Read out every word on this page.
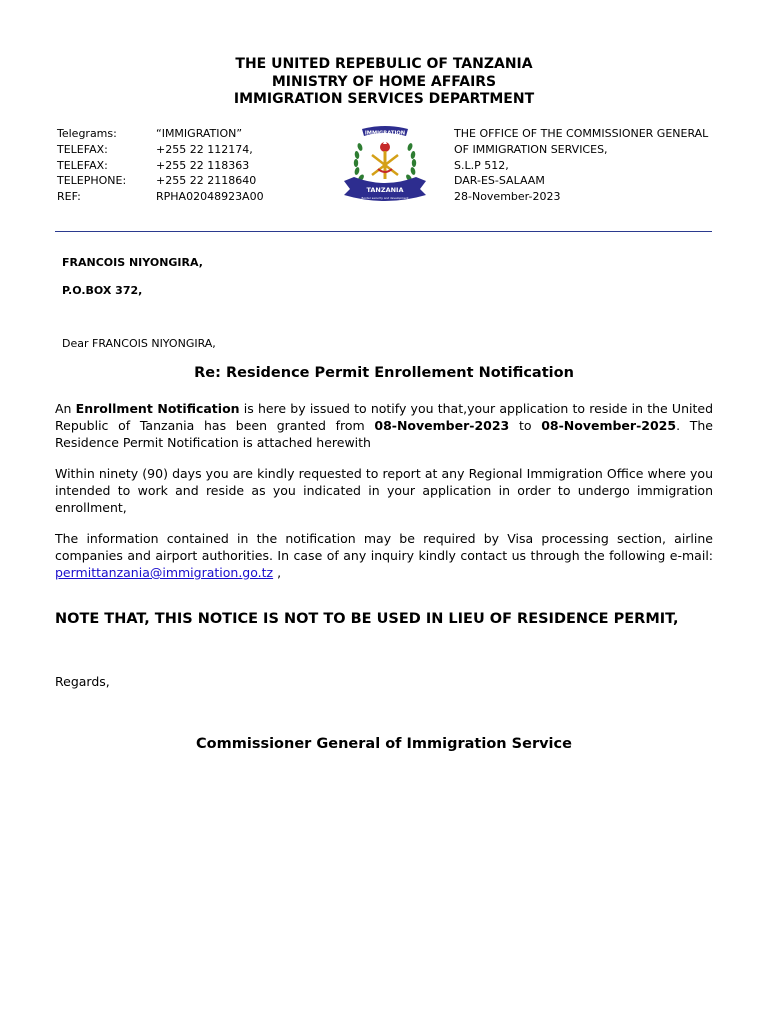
THE UNITED REPEBULIC OF TANZANIA
MINISTRY OF HOME AFFAIRS
IMMIGRATION SERVICES DEPARTMENT
Telegrams:	“IMMIGRATION”
TELEFAX:	+255 22 112174,
TELEFAX:	+255 22 118363
TELEPHONE:	+255 22 2118640
REF:	RPHA02048923A00
IMMIGRATION
TANZANIA
Border security and development
THE OFFICE OF THE COMMISSIONER GENERAL
OF IMMIGRATION SERVICES,
S.L.P 512,
DAR-ES-SALAAM
28-November-2023
FRANCOIS NIYONGIRA,
P.O.BOX 372,
Dear FRANCOIS NIYONGIRA,
Re: Residence Permit Enrollement Notification
An Enrollment Notification is here by issued to notify you that,your application to reside in the United Republic of Tanzania has been granted from 08-November-2023 to 08-November-2025. The Residence Permit Notification is attached herewith
Within ninety (90) days you are kindly requested to report at any Regional Immigration Office where you intended to work and reside as you indicated in your application in order to undergo immigration enrollment,
The information contained in the notification may be required by Visa processing section, airline companies and airport authorities. In case of any inquiry kindly contact us through the following e-mail: permittanzania@immigration.go.tz ,
NOTE THAT, THIS NOTICE IS NOT TO BE USED IN LIEU OF RESIDENCE PERMIT,
Regards,
Commissioner General of Immigration Service
